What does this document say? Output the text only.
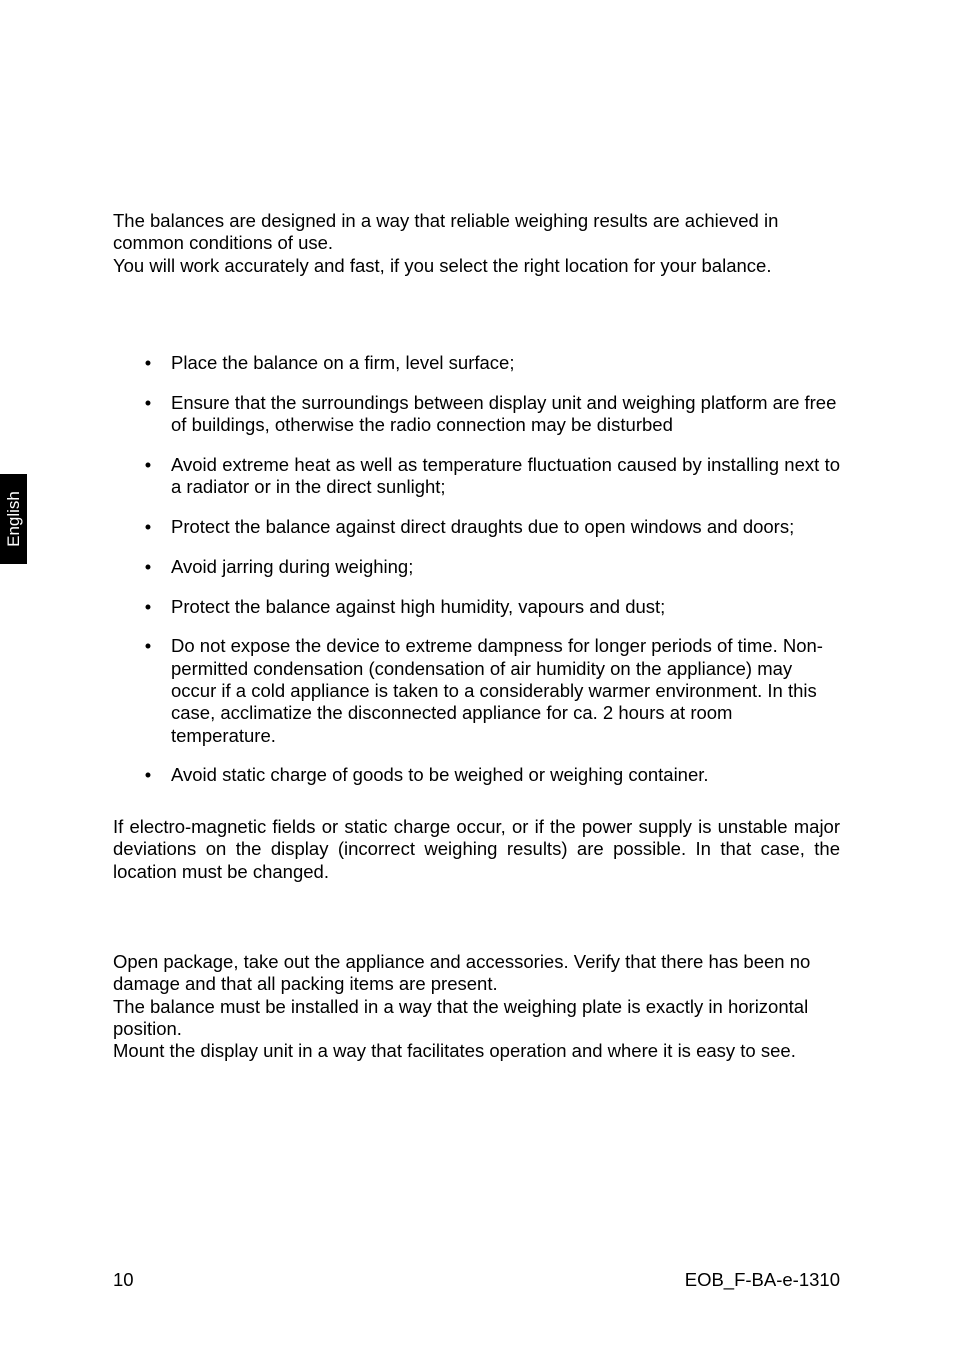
English

The balances are designed in a way that reliable weighing results are achieved in common conditions of use.

You will work accurately and fast, if you select the right location for your balance.

• Place the balance on a firm, level surface;
• Ensure that the surroundings between display unit and weighing platform are free of buildings, otherwise the radio connection may be disturbed
• Avoid extreme heat as well as temperature fluctuation caused by installing next to a radiator or in the direct sunlight;
• Protect the balance against direct draughts due to open windows and doors;
• Avoid jarring during weighing;
• Protect the balance against high humidity, vapours and dust;
• Do not expose the device to extreme dampness for longer periods of time. Non-permitted condensation (condensation of air humidity on the appliance) may occur if a cold appliance is taken to a considerably warmer environment. In this case, acclimatize the disconnected appliance for ca. 2 hours at room temperature.
• Avoid static charge of goods to be weighed or weighing container.

If electro-magnetic fields or static charge occur, or if the power supply is unstable major deviations on the display (incorrect weighing results) are possible. In that case, the location must be changed.

Open package, take out the appliance and accessories. Verify that there has been no damage and that all packing items are present.

The balance must be installed in a way that the weighing plate is exactly in horizontal position.

Mount the display unit in a way that facilitates operation and where it is easy to see.

10	EOB_F-BA-e-1310
